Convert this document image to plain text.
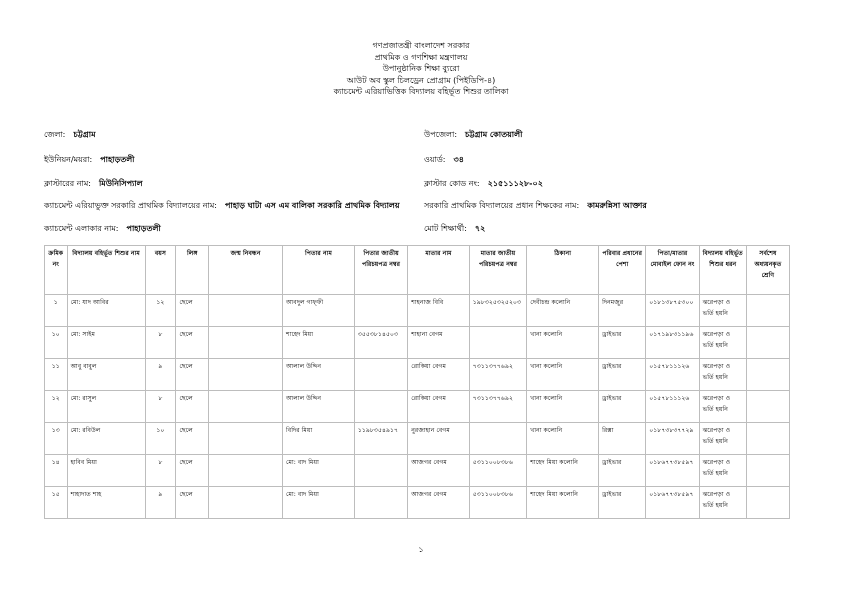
গণপ্রজাতন্ত্রী বাংলাদেশ সরকার
প্রাথমিক ও গণশিক্ষা মন্ত্রণালয়
উপানুষ্ঠানিক শিক্ষা ব্যুরো
আউট অব স্কুল চিলড্রেন প্রোগ্রাম (পিইডিপি-৪)
ক্যাচমেন্ট এরিয়াভিত্তিক বিদ্যালয় বহির্ভূত শিশুর তালিকা
জেলা: চট্টগ্রাম	উপজেলা: চট্টগ্রাম কোতয়ালী
ইউনিয়ন/ময়রা: পাহাড়তলী	ওয়ার্ড: ৩৪
ক্লাস্টারের নাম: মিউনিসিপ্যাল	ক্লাস্টার কোড নং: ২১৫১১১২৮-০২
ক্যাচমেন্ট এরিয়াভুক্ত সরকারি প্রাথমিক বিদ্যালয়ের নাম: পাহাড় ঘাটা এস এম বালিকা সরকারি প্রাথমিক বিদ্যালয়	সরকারি প্রাথমিক বিদ্যালয়ের প্রধান শিক্ষকের নাম: কামরুন্নিসা আক্তার
ক্যাচমেন্ট এলাকার নাম: পাহাড়তলী	মোট শিক্ষার্থী: ৭২
ক্রমিক নং	বিদ্যালয় বহির্ভূত শিশুর নাম	বয়স	লিঙ্গ	জন্ম নিবন্ধন	পিতার নাম	পিতার জাতীয় পরিচয়পত্র নম্বর	মাতার নাম	মাতার জাতীয় পরিচয়পত্র নম্বর	ঠিকানা	পরিবার প্রধানের পেশা	পিতা/মাতার মোবাইল ফোন নং	বিদ্যালয় বহির্ভূত শিশুর ধরন	সর্বশেষ অধ্যয়নকৃত শ্রেণি
১	মো: যাদ আবির	১২	ছেলে		আবদুল গাফ্ফী		শাহনাজ বিবি	১৯৮৩২৫৩২৫২০৩	দেবীচন্দ্র কলোনি	দিনমজুর	০১৮১৩৮৭৫৩০০	ঝরেপড়া ও ভর্তি হয়নি	
১০	মো: সাইম	৮	ছেলে		শাহেদ মিয়া	৩৫৫৩৮১৪৫০৩	শাহানা বেগম		খানা কলোনি	ড্রাইভার	০১৭১৯৮৩১১৯৬	ঝরেপড়া ও ভর্তি হয়নি	
১১	আবু বাবুল	৯	ছেলে		আলাল উদ্দিন		রোকিয়া বেগম	৭৩১১৩৭৭৬৯২	খানা কলোনি	ড্রাইভার	০১৫৭৮১১১২৬	ঝরেপড়া ও ভর্তি হয়নি	
১২	মো: রাসুল	৮	ছেলে		আলাল উদ্দিন		রোকিয়া বেগম	৭৩১১৩৭৭৬৯২	খানা কলোনি	ড্রাইভার	০১৫৭৮১১১২৬	ঝরেপড়া ও ভর্তি হয়নি	
১৩	মো: রবিউল	১০	ছেলে		বিদির মিয়া	১১৯৮৩৫৪৯১৭	নুরজাহান বেগম		খানা কলোনি	রিক্সা	০১৮৭৩৮৩৭৭২৯	ঝরেপড়া ও ভর্তি হয়নি	
১৪	হাবিব মিয়া	৮	ছেলে		মো: বাদ মিয়া		আজগর বেগম	৫৩১১০০৮৩৮৬	শাহেদ মিয়া কলোনি	ড্রাইভার	০১৮৬৭৭৩৮৫৯৭	ঝরেপড়া ও ভর্তি হয়নি	
১৫	শাহাদাত শাহ	৯	ছেলে		মো: বাদ মিয়া		আজগর বেগম	৫৩১১০০৮৩৮৬	শাহেদ মিয়া কলোনি	ড্রাইভার	০১৮৬৭৭৩৮৫৯৭	ঝরেপড়া ও ভর্তি হয়নি	
১
